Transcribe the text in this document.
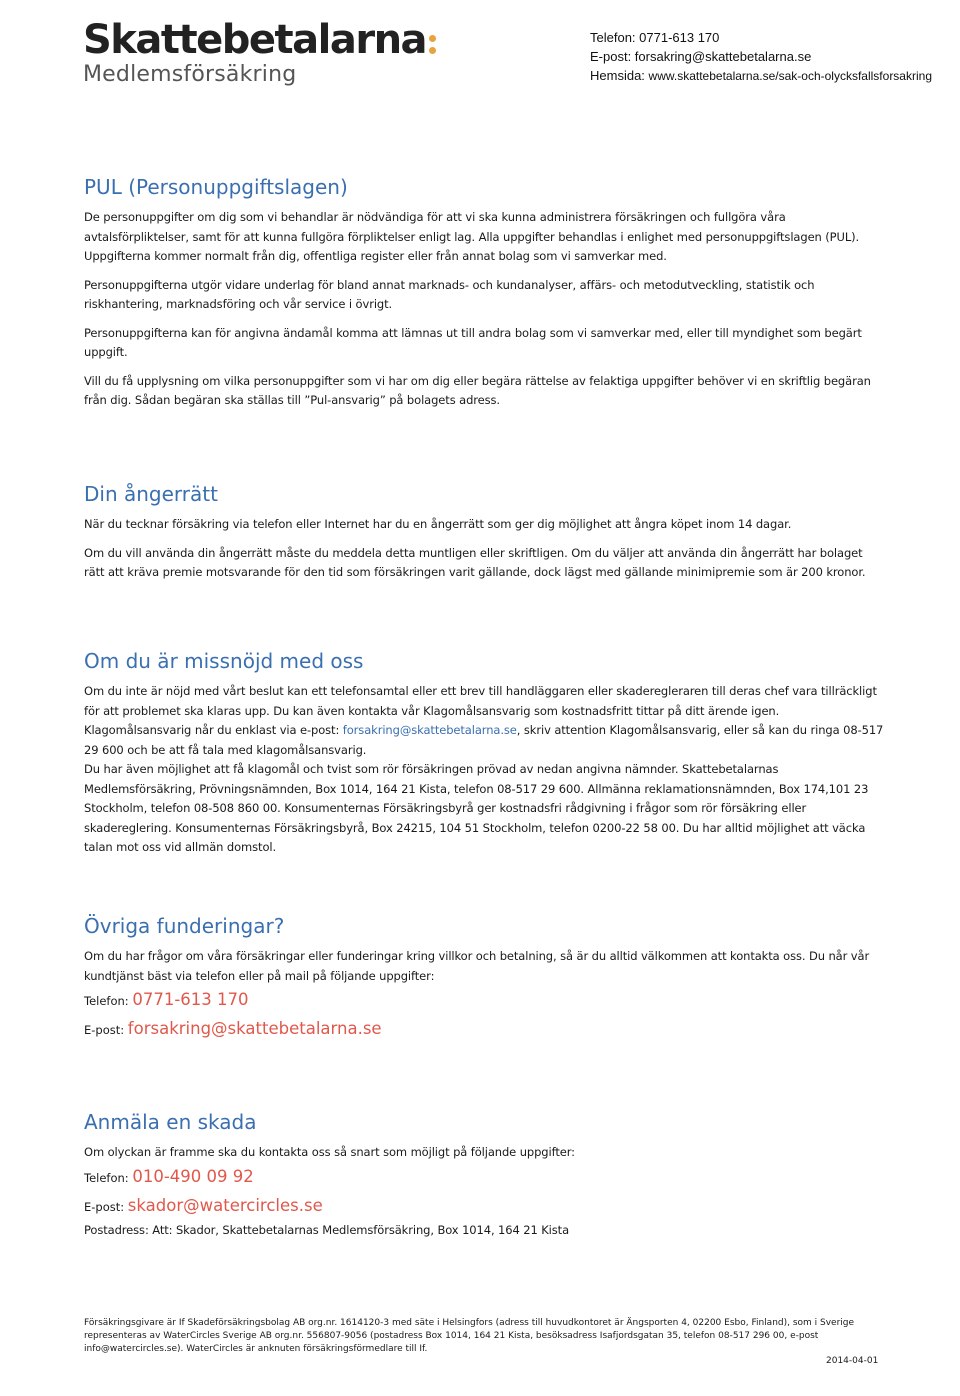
Skattebetalarna
Medlemsförsäkring
Telefon: 0771-613 170
E-post: forsakring@skattebetalarna.se
Hemsida: www.skattebetalarna.se/sak-och-olycksfallsforsakring
PUL (Personuppgiftslagen)

De personuppgifter om dig som vi behandlar är nödvändiga för att vi ska kunna administrera försäkringen och fullgöra våra avtalsförpliktelser, samt för att kunna fullgöra förpliktelser enligt lag. Alla uppgifter behandlas i enlighet med personuppgiftslagen (PUL). Uppgifterna kommer normalt från dig, offentliga register eller från annat bolag som vi samverkar med.

Personuppgifterna utgör vidare underlag för bland annat marknads- och kundanalyser, affärs- och metodutveckling, statistik och riskhantering, marknadsföring och vår service i övrigt.

Personuppgifterna kan för angivna ändamål komma att lämnas ut till andra bolag som vi samverkar med, eller till myndighet som begärt uppgift.

Vill du få upplysning om vilka personuppgifter som vi har om dig eller begära rättelse av felaktiga uppgifter behöver vi en skriftlig begäran från dig. Sådan begäran ska ställas till ”Pul-ansvarig” på bolagets adress.

Din ångerrätt

När du tecknar försäkring via telefon eller Internet har du en ångerrätt som ger dig möjlighet att ångra köpet inom 14 dagar.

Om du vill använda din ångerrätt måste du meddela detta muntligen eller skriftligen. Om du väljer att använda din ångerrätt har bolaget rätt att kräva premie motsvarande för den tid som försäkringen varit gällande, dock lägst med gällande minimipremie som är 200 kronor.

Om du är missnöjd med oss

Om du inte är nöjd med vårt beslut kan ett telefonsamtal eller ett brev till handläggaren eller skaderegleraren till deras chef vara tillräckligt för att problemet ska klaras upp. Du kan även kontakta vår Klagomålsansvarig som kostnadsfritt tittar på ditt ärende igen. Klagomålsansvarig når du enklast via e-post: forsakring@skattebetalarna.se, skriv attention Klagomålsansvarig, eller så kan du ringa 08-517 29 600 och be att få tala med klagomålsansvarig.

Du har även möjlighet att få klagomål och tvist som rör försäkringen prövad av nedan angivna nämnder. Skattebetalarnas Medlemsförsäkring, Prövningsnämnden, Box 1014, 164 21 Kista, telefon 08-517 29 600. Allmänna reklamationsnämnden, Box 174,101 23 Stockholm, telefon 08-508 860 00. Konsumenternas Försäkringsbyrå ger kostnadsfri rådgivning i frågor som rör försäkring eller skadereglering. Konsumenternas Försäkringsbyrå, Box 24215, 104 51 Stockholm, telefon 0200-22 58 00. Du har alltid möjlighet att väcka talan mot oss vid allmän domstol.

Övriga funderingar?

Om du har frågor om våra försäkringar eller funderingar kring villkor och betalning, så är du alltid välkommen att kontakta oss. Du når vår kundtjänst bäst via telefon eller på mail på följande uppgifter:

Telefon: 0771-613 170
E-post: forsakring@skattebetalarna.se
Anmäla en skada

Om olyckan är framme ska du kontakta oss så snart som möjligt på följande uppgifter:

Telefon: 010-490 09 92
E-post: skador@watercircles.se

Postadress: Att: Skador, Skattebetalarnas Medlemsförsäkring, Box 1014, 164 21 Kista

Försäkringsgivare är If Skadeförsäkringsbolag AB org.nr. 1614120-3 med säte i Helsingfors (adress till huvudkontoret är Ängsporten 4, 02200 Esbo, Finland), som i Sverige representeras av WaterCircles Sverige AB org.nr. 556807-9056 (postadress Box 1014, 164 21 Kista, besöksadress Isafjordsgatan 35, telefon 08-517 296 00, e-post info@watercircles.se). WaterCircles är anknuten försäkringsförmedlare till If.
2014-04-01
